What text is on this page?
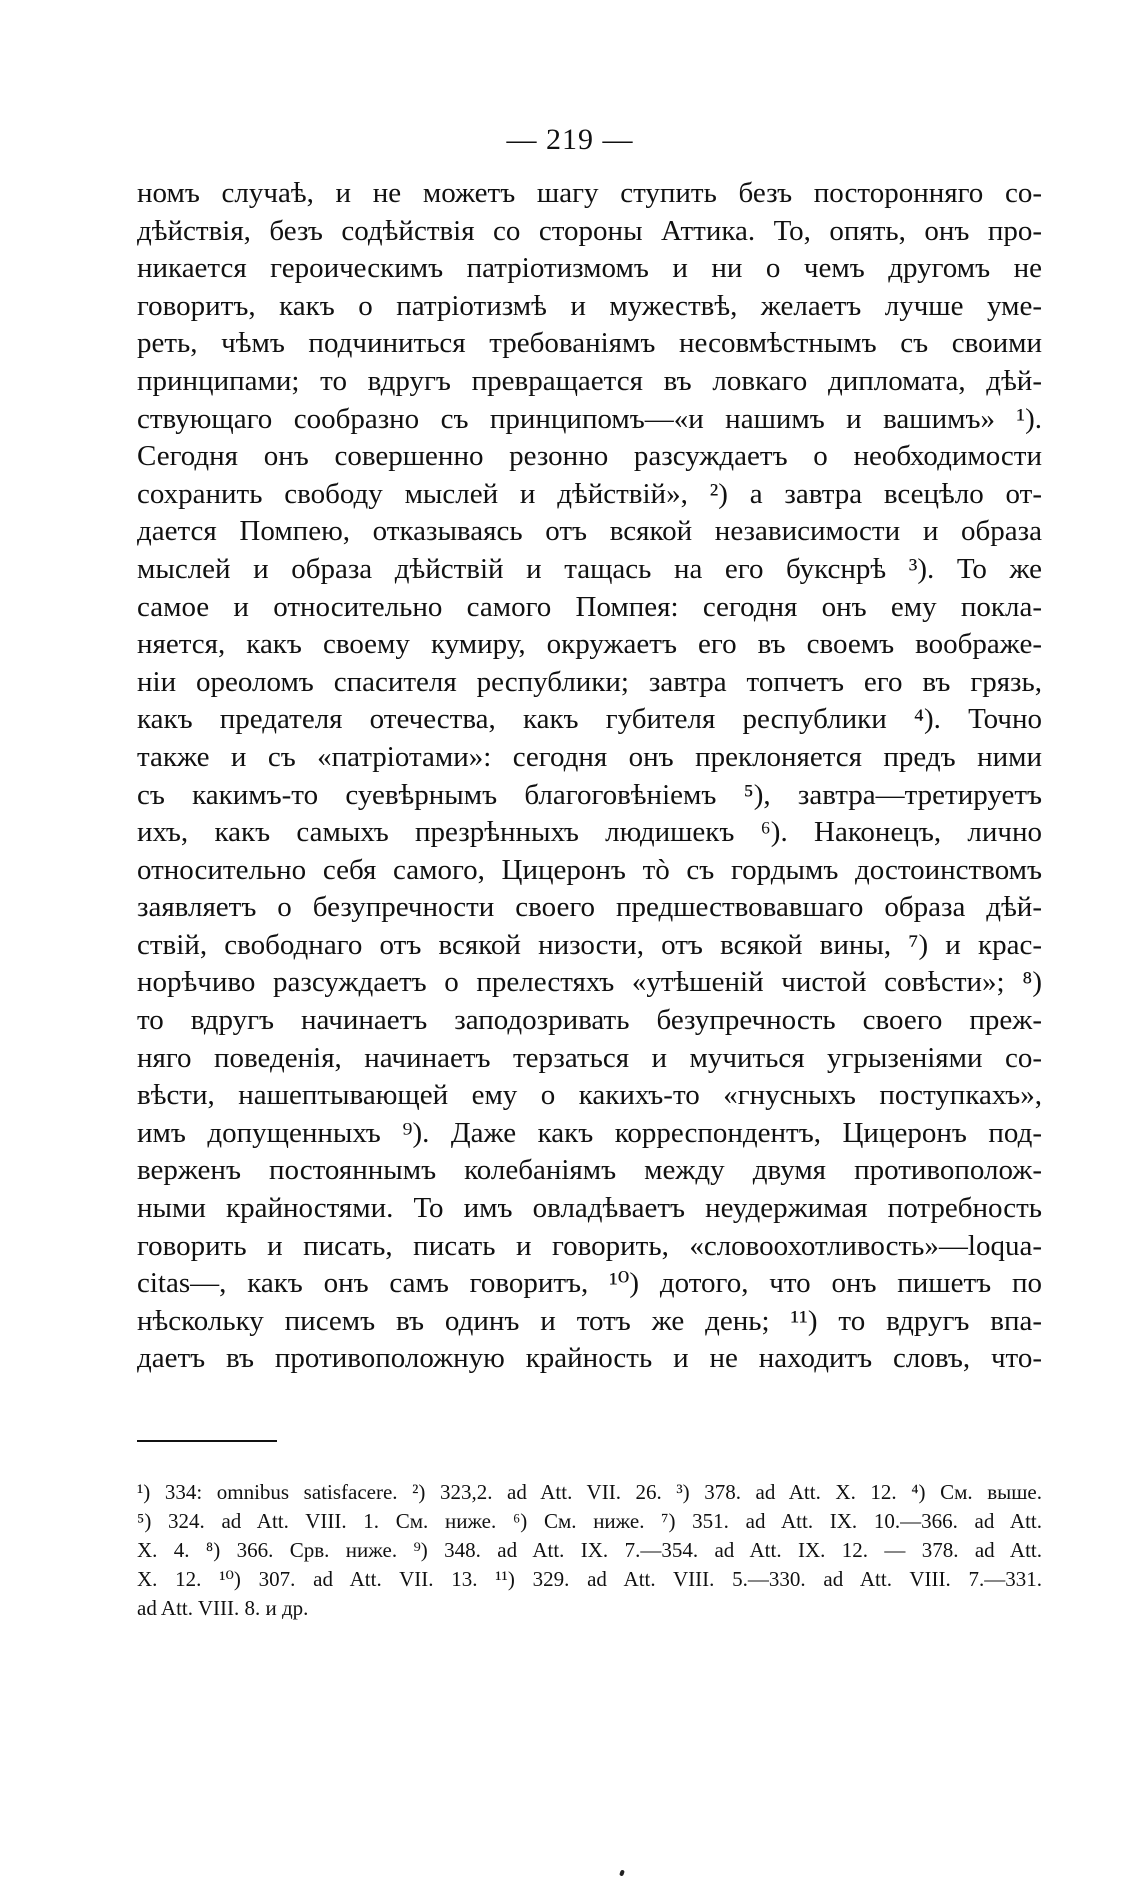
— 219 —
номъ случаѣ, и не можетъ шагу ступить безъ посторонняго со-
дѣйствія, безъ содѣйствія со стороны Аттика. То, опять, онъ про-
никается героическимъ патріотизмомъ и ни о чемъ другомъ не
говоритъ, какъ о патріотизмѣ и мужествѣ, желаетъ лучше уме-
реть, чѣмъ подчиниться требованіямъ несовмѣстнымъ съ своими
принципами; то вдругъ превращается въ ловкаго дипломата, дѣй-
ствующаго сообразно съ принципомъ—«и нашимъ и вашимъ» ¹).
Сегодня онъ совершенно резонно разсуждаетъ о необходимости
сохранить свободу мыслей и дѣйствій», ²) а завтра всецѣло от-
дается Помпею, отказываясь отъ всякой независимости и образа
мыслей и образа дѣйствій и тащась на его букснрѣ ³). То же
самое и относительно самого Помпея: сегодня онъ ему покла-
няется, какъ своему кумиру, окружаетъ его въ своемъ воображе-
ніи ореоломъ спасителя республики; завтра топчетъ его въ грязь,
какъ предателя отечества, какъ губителя республики ⁴). Точно
также и съ «патріотами»: сегодня онъ преклоняется предъ ними
съ какимъ-то суевѣрнымъ благоговѣніемъ ⁵), завтра—третируетъ
ихъ, какъ самыхъ презрѣнныхъ людишекъ ⁶). Наконецъ, лично
относительно себя самого, Цицеронъ тò съ гордымъ достоинствомъ
заявляетъ о безупречности своего предшествовавшаго образа дѣй-
ствій, свободнаго отъ всякой низости, отъ всякой вины, ⁷) и крас-
норѣчиво разсуждаетъ о прелестяхъ «утѣшеній чистой совѣсти»; ⁸)
то вдругъ начинаетъ заподозривать безупречность своего преж-
няго поведенія, начинаетъ терзаться и мучиться угрызеніями со-
вѣсти, нашептывающей ему о какихъ-то «гнусныхъ поступкахъ»,
имъ допущенныхъ ⁹). Даже какъ корреспондентъ, Цицеронъ под-
верженъ постояннымъ колебаніямъ между двумя противополож-
ными крайностями. То имъ овладѣваетъ неудержимая потребность
говорить и писать, писать и говорить, «словоохотливость»—loqua-
citas—, какъ онъ самъ говоритъ, ¹⁰) дотого, что онъ пишетъ по
нѣскольку писемъ въ одинъ и тотъ же день; ¹¹) то вдругъ впа-
даетъ въ противоположную крайность и не находитъ словъ, что-
¹) 334: omnibus satisfacere. ²) 323,2. ad Att. VII. 26. ³) 378. ad Att. X. 12. ⁴) См. выше.
⁵) 324. ad Att. VIII. 1. См. ниже. ⁶) См. ниже. ⁷) 351. ad Att. IX. 10.—366. ad Att.
X. 4. ⁸) 366. Срв. ниже. ⁹) 348. ad Att. IX. 7.—354. ad Att. IX. 12. — 378. ad Att.
X. 12. ¹⁰) 307. ad Att. VII. 13. ¹¹) 329. ad Att. VIII. 5.—330. ad Att. VIII. 7.—331.
ad Att. VIII. 8. и др.
